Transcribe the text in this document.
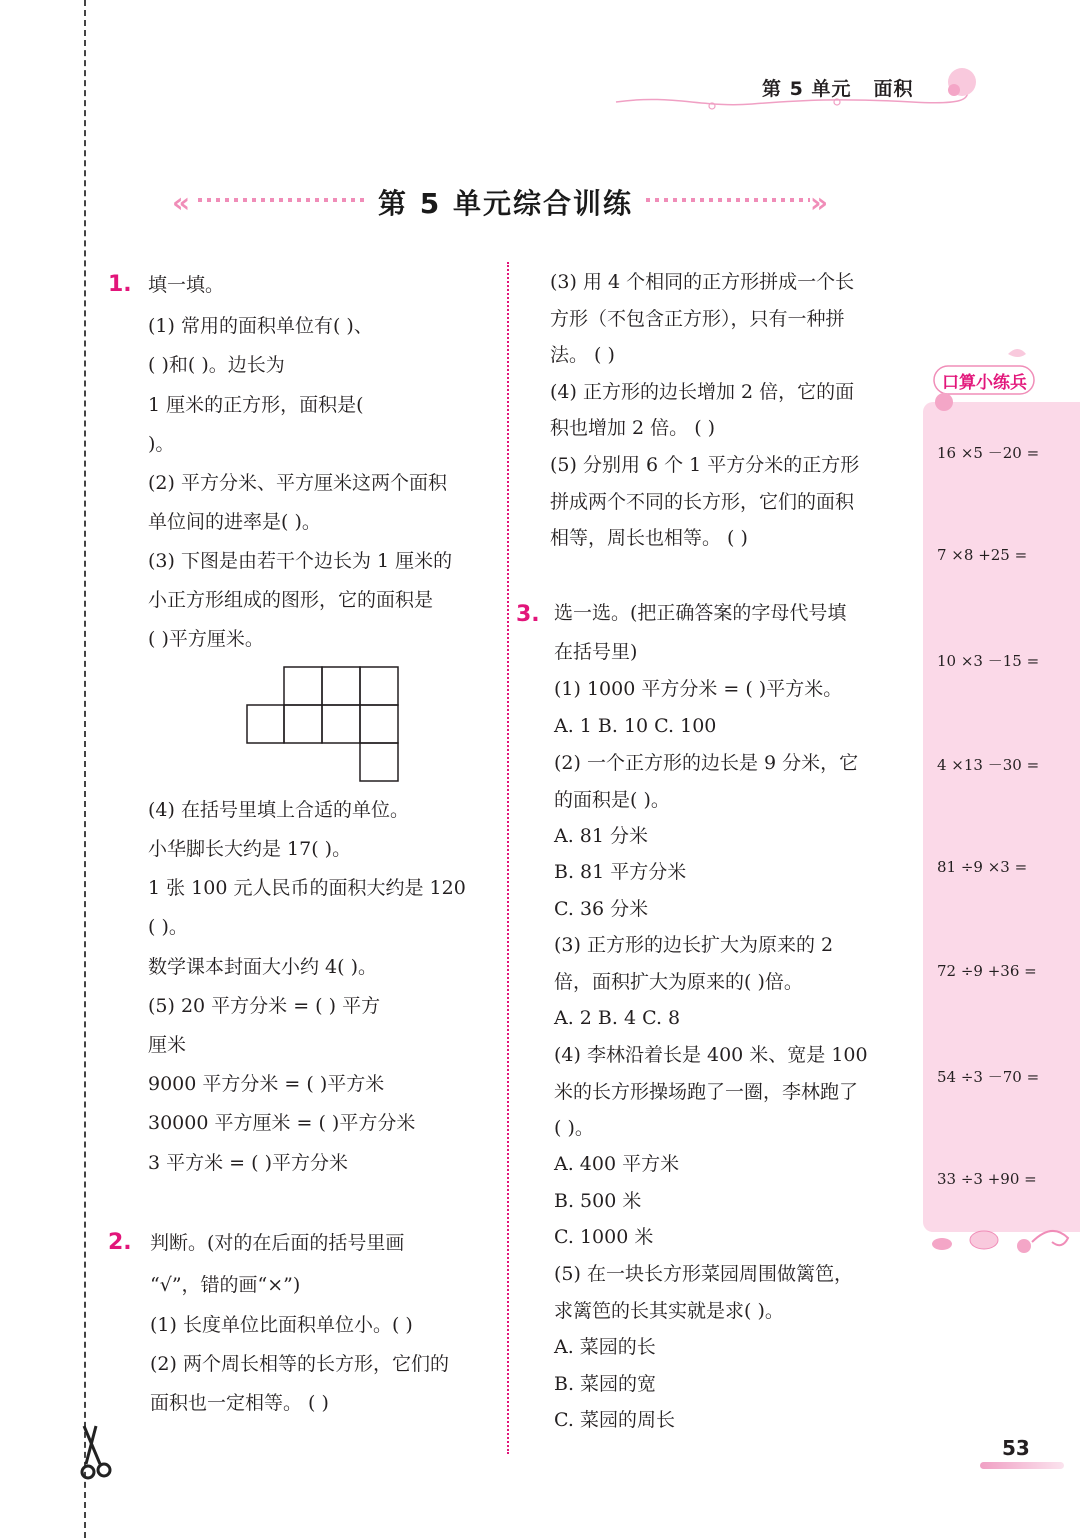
第 5 单元 面积
«	»
第 5 单元综合训练
1. 填一填。
(1) 常用的面积单位有( )、
( )和( )。边长为
1 厘米的正方形，面积是(
)。
(2) 平方分米、平方厘米这两个面积
单位间的进率是( )。
(3) 下图是由若干个边长为 1 厘米的
小正方形组成的图形，它的面积是
( )平方厘米。
(4) 在括号里填上合适的单位。
小华脚长大约是 17( )。
1 张 100 元人民币的面积大约是 120
( )。
数学课本封面大小约 4( )。
(5) 20 平方分米 = ( ) 平方
厘米
9000 平方分米 = ( )平方米
30000 平方厘米 = ( )平方分米
3 平方米 = ( )平方分米
2. 判断。(对的在后面的括号里画
“√”，错的画“×”)
(1) 长度单位比面积单位小。( )
(2) 两个周长相等的长方形，它们的
面积也一定相等。 ( )
(3) 用 4 个相同的正方形拼成一个长
方形（不包含正方形），只有一种拼
法。 ( )
(4) 正方形的边长增加 2 倍，它的面
积也增加 2 倍。 ( )
(5) 分别用 6 个 1 平方分米的正方形
拼成两个不同的长方形，它们的面积
相等，周长也相等。 ( )
3. 选一选。(把正确答案的字母代号填
在括号里)
(1) 1000 平方分米 = ( )平方米。
A. 1 B. 10 C. 100
(2) 一个正方形的边长是 9 分米，它
的面积是( )。
A. 81 分米
B. 81 平方分米
C. 36 分米
(3) 正方形的边长扩大为原来的 2
倍，面积扩大为原来的( )倍。
A. 2 B. 4 C. 8
(4) 李林沿着长是 400 米、宽是 100
米的长方形操场跑了一圈，李林跑了
( )。
A. 400 平方米
B. 500 米
C. 1000 米
(5) 在一块长方形菜园周围做篱笆，
求篱笆的长其实就是求( )。
A. 菜园的长
B. 菜园的宽
C. 菜园的周长
口算小练兵
16 ×5 －20 =
7 ×8 +25 =
10 ×3 －15 =
4 ×13 －30 =
81 ÷9 ×3 =
72 ÷9 +36 =
54 ÷3 －70 =
33 ÷3 +90 =
53
